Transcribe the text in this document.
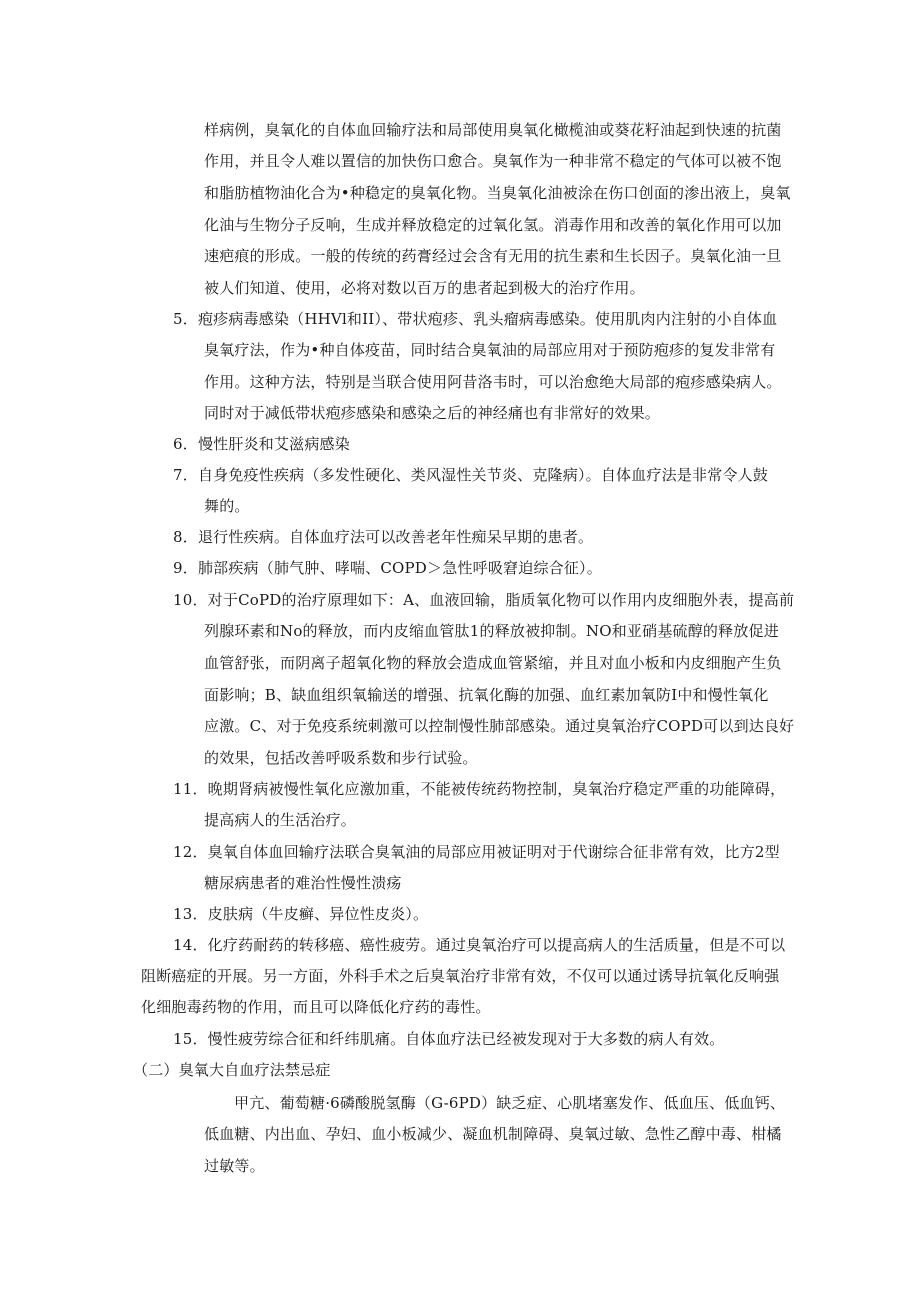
样病例，臭氧化的自体血回输疗法和局部使用臭氧化橄榄油或葵花籽油起到快速的抗菌
作用，并且令人难以置信的加快伤口愈合。臭氧作为一种非常不稳定的气体可以被不饱
和脂肪植物油化合为•种稳定的臭氧化物。当臭氧化油被涂在伤口创面的渗出液上，臭氧
化油与生物分子反响，生成并释放稳定的过氧化氢。消毒作用和改善的氧化作用可以加
速疤痕的形成。一般的传统的药膏经过会含有无用的抗生素和生长因子。臭氧化油一旦
被人们知道、使用，必将对数以百万的患者起到极大的治疗作用。
5．疱疹病毒感染（HHVl和II）、带状疱疹、乳头瘤病毒感染。使用肌肉内注射的小自体血
臭氧疗法，作为•种自体疫苗，同时结合臭氧油的局部应用对于预防疱疹的复发非常有
作用。这种方法，特别是当联合使用阿昔洛韦时，可以治愈绝大局部的疱疹感染病人。
同时对于减低带状疱疹感染和感染之后的神经痛也有非常好的效果。
6．慢性肝炎和艾滋病感染
7．自身免疫性疾病（多发性硬化、类风湿性关节炎、克隆病）。自体血疗法是非常令人鼓
舞的。
8．退行性疾病。自体血疗法可以改善老年性痴呆早期的患者。
9．肺部疾病（肺气肿、哮喘、COPD＞急性呼吸窘迫综合征）。
10．对于CoPD的治疗原理如下：A、血液回输，脂质氧化物可以作用内皮细胞外表，提高前
列腺环素和No的释放，而内皮缩血管肽1的释放被抑制。NO和亚硝基硫醇的释放促进
血管舒张，而阴离子超氧化物的释放会造成血管紧缩，并且对血小板和内皮细胞产生负
面影响；B、缺血组织氧输送的增强、抗氧化酶的加强、血红素加氧防I中和慢性氧化
应激。C、对于免疫系统刺激可以控制慢性肺部感染。通过臭氧治疗COPD可以到达良好
的效果，包括改善呼吸系数和步行试验。
11．晚期肾病被慢性氧化应激加重，不能被传统药物控制，臭氧治疗稳定严重的功能障碍，
提高病人的生活治疗。
12．臭氧自体血回输疗法联合臭氧油的局部应用被证明对于代谢综合征非常有效，比方2型
糖尿病患者的难治性慢性溃疡
13．皮肤病（牛皮癣、异位性皮炎）。
14．化疗药耐药的转移癌、癌性疲劳。通过臭氧治疗可以提高病人的生活质量，但是不可以
阻断癌症的开展。另一方面，外科手术之后臭氧治疗非常有效，不仅可以通过诱导抗氧化反响强
化细胞毒药物的作用，而且可以降低化疗药的毒性。
15．慢性疲劳综合征和纤纬肌痛。自体血疗法已经被发现对于大多数的病人有效。
（二）臭氧大自血疗法禁忌症
甲亢、葡萄糖·6磷酸脱氢酶（G-6PD）缺乏症、心肌堵塞发作、低血压、低血钙、
低血糖、内出血、孕妇、血小板减少、凝血机制障碍、臭氧过敏、急性乙醇中毒、柑橘
过敏等。
